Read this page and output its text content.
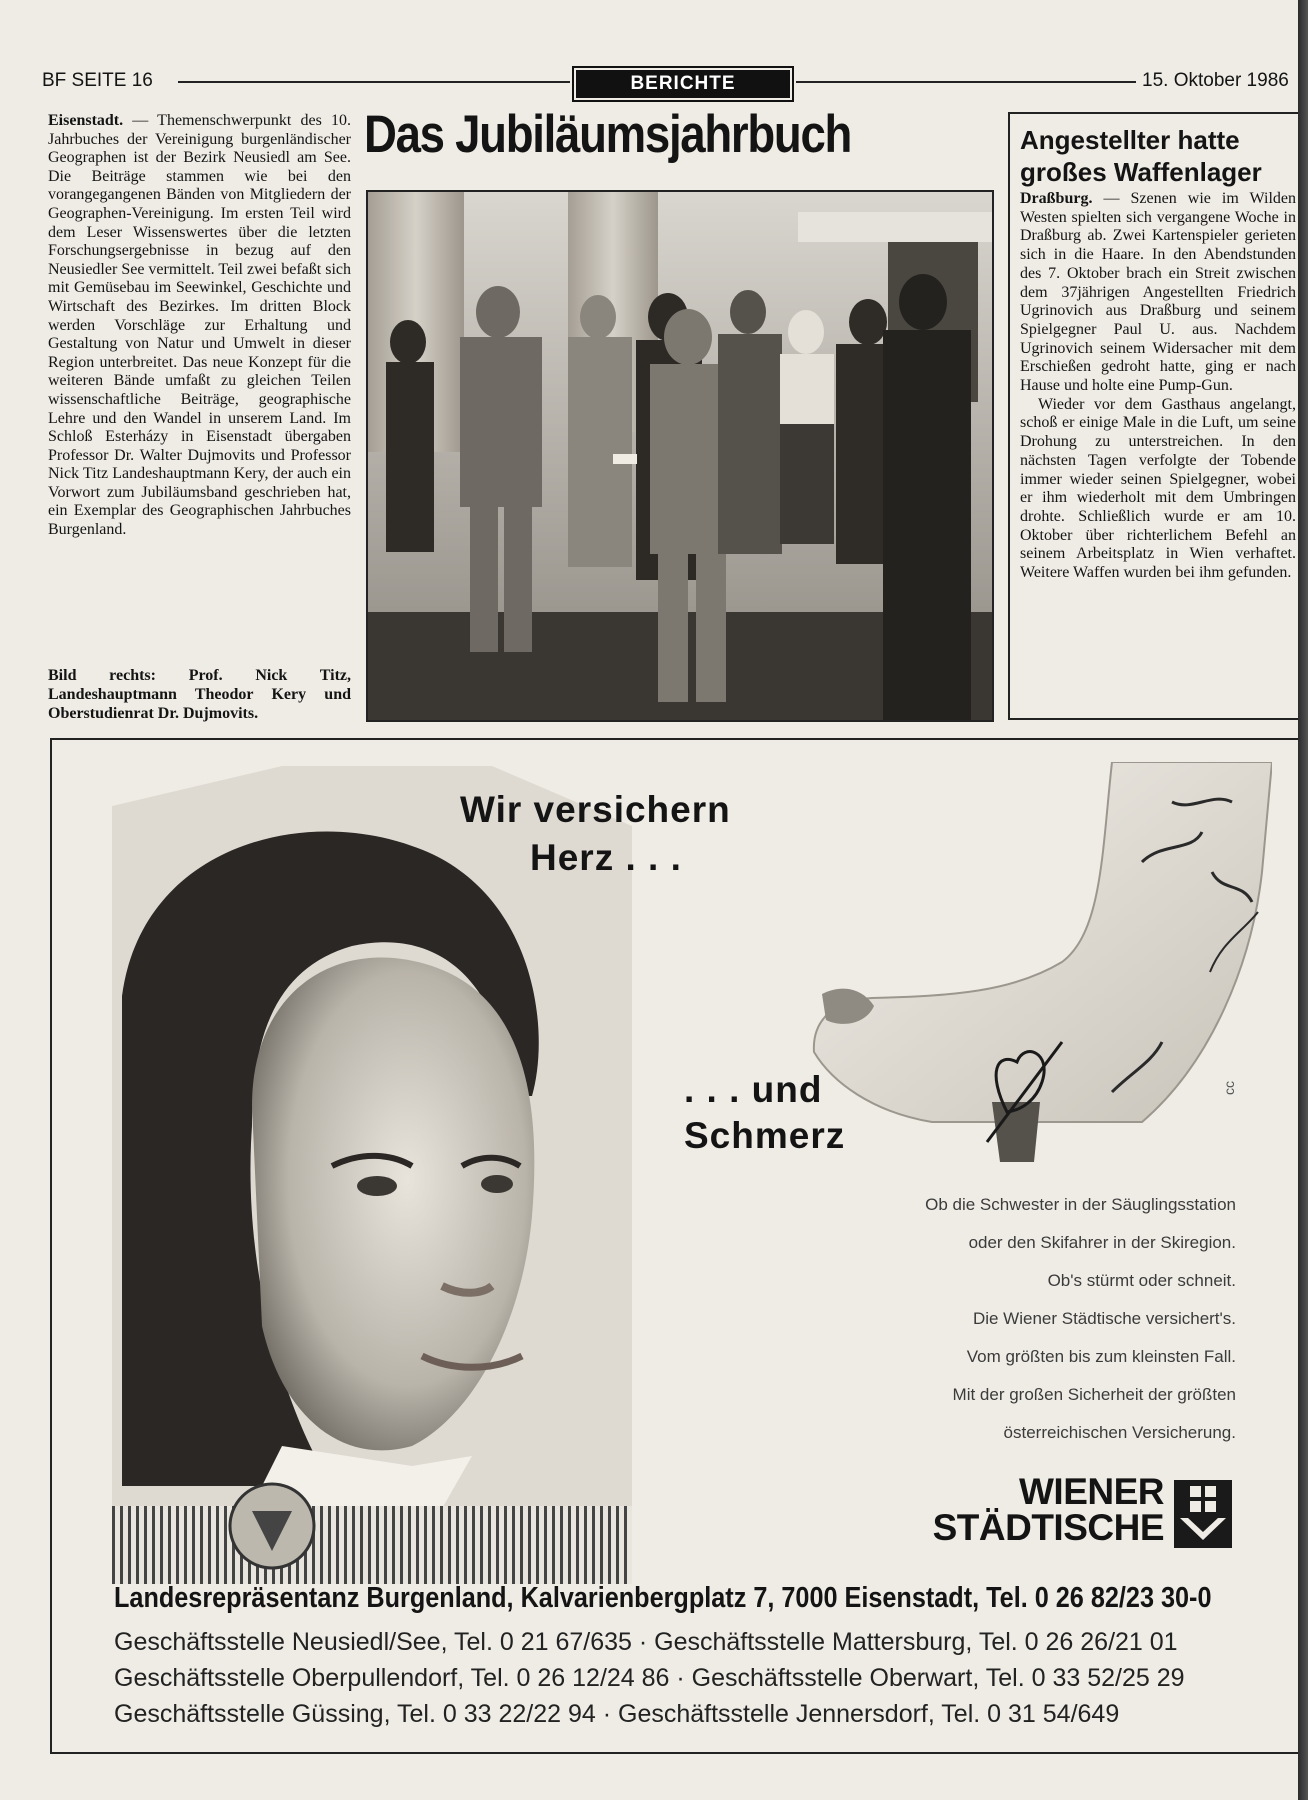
BF SEITE 16	BERICHTE	15. Oktober 1986

Eisenstadt. — Themenschwerpunkt des 10. Jahrbuches der Vereinigung burgenländischer Geographen ist der Bezirk Neusiedl am See. Die Beiträge stammen wie bei den vorangegangenen Bänden von Mitgliedern der Geographen-Vereinigung. Im ersten Teil wird dem Leser Wissenswertes über die letzten Forschungsergebnisse in bezug auf den Neusiedler See vermittelt. Teil zwei befaßt sich mit Gemüsebau im Seewinkel, Geschichte und Wirtschaft des Bezirkes. Im dritten Block werden Vorschläge zur Erhaltung und Gestaltung von Natur und Umwelt in dieser Region unterbreitet. Das neue Konzept für die weiteren Bände umfaßt zu gleichen Teilen wissenschaftliche Beiträge, geographische Lehre und den Wandel in unserem Land. Im Schloß Esterházy in Eisenstadt übergaben Professor Dr. Walter Dujmovits und Professor Nick Titz Landeshauptmann Kery, der auch ein Vorwort zum Jubiläumsband geschrieben hat, ein Exemplar des Geographischen Jahrbuches Burgenland.

Bild rechts: Prof. Nick Titz, Landeshauptmann Theodor Kery und Oberstudienrat Dr. Dujmovits.
Das Jubiläumsjahrbuch	Angestellter hatte großes Waffenlager

Draßburg. — Szenen wie im Wilden Westen spielten sich vergangene Woche in Draßburg ab. Zwei Kartenspieler gerieten sich in die Haare. In den Abendstunden des 7. Oktober brach ein Streit zwischen dem 37jährigen Angestellten Friedrich Ugrinovich aus Draßburg und seinem Spielgegner Paul U. aus. Nachdem Ugrinovich seinem Widersacher mit dem Erschießen gedroht hatte, ging er nach Hause und holte eine Pump-Gun.

Wieder vor dem Gasthaus angelangt, schoß er einige Male in die Luft, um seine Drohung zu unterstreichen. In den nächsten Tagen verfolgte der Tobende immer wieder seinen Spielgegner, wobei er ihm wiederholt mit dem Umbringen drohte. Schließlich wurde er am 10. Oktober über richterlichem Befehl an seinem Arbeitsplatz in Wien verhaftet. Weitere Waffen wurden bei ihm gefunden.

Wir versichern
Herz . . .
. . . und
Schmerz
cc
Ob die Schwester in der Säuglingsstation
oder den Skifahrer in der Skiregion.
Ob's stürmt oder schneit.
Die Wiener Städtische versichert's.
Vom größten bis zum kleinsten Fall.
Mit der großen Sicherheit der größten
österreichischen Versicherung.
WIENER
STÄDTISCHE
Landesrepräsentanz Burgenland, Kalvarienbergplatz 7, 7000 Eisenstadt, Tel. 0 26 82/23 30-0
Geschäftsstelle Neusiedl/See, Tel. 0 21 67/635 · Geschäftsstelle Mattersburg, Tel. 0 26 26/21 01
Geschäftsstelle Oberpullendorf, Tel. 0 26 12/24 86 · Geschäftsstelle Oberwart, Tel. 0 33 52/25 29
Geschäftsstelle Güssing, Tel. 0 33 22/22 94 · Geschäftsstelle Jennersdorf, Tel. 0 31 54/649
